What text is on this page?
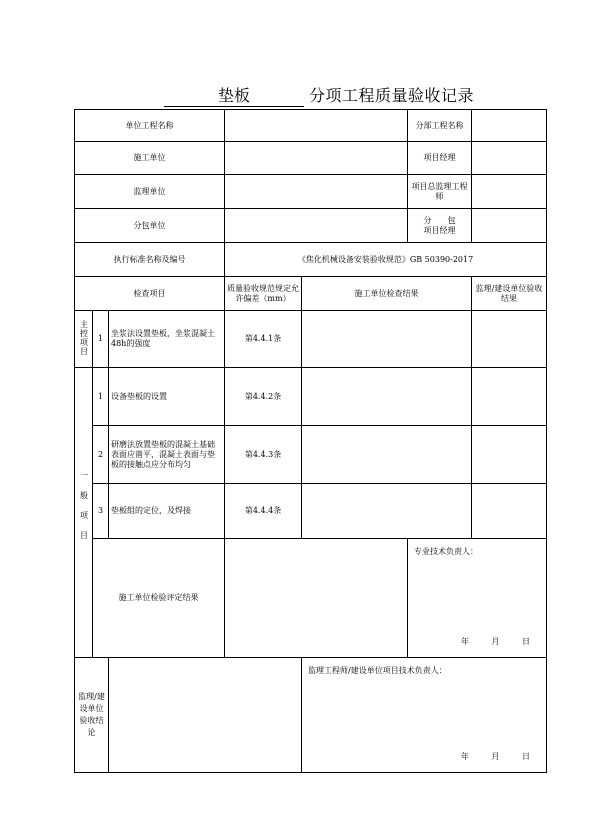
垫板	分项工程质量验收记录
单位工程名称					分部工程名称		
施工单位					项目经理		
监理单位					项目总监理工程师		
分包单位					分　　包
项目经理		

执行标准名称及编号			《焦化机械设备安装验收规范》GB 50390-2017				
检查项目			质量验收规范规定允许偏差（mm）	施工单位检查结果		监理/建设单位验收结果	
主控项目	1	坐浆法设置垫板，坐浆混凝土48h的强度	第4.4.1条				
一般项目	1	设备垫板的设置	第4.4.2条				
	2	研磨法放置垫板的混凝土基础表面应凿平，混凝土表面与垫板的接触点应分布均匀	第4.4.3条				
	3	垫板组的定位，及焊接	第4.4.4条				

	施工单位检验评定结果				专业技术负责人：
年 月 日

监理/建设单位验收结论				监理工程师/建设单位项目技术负责人：
年 月 日			
